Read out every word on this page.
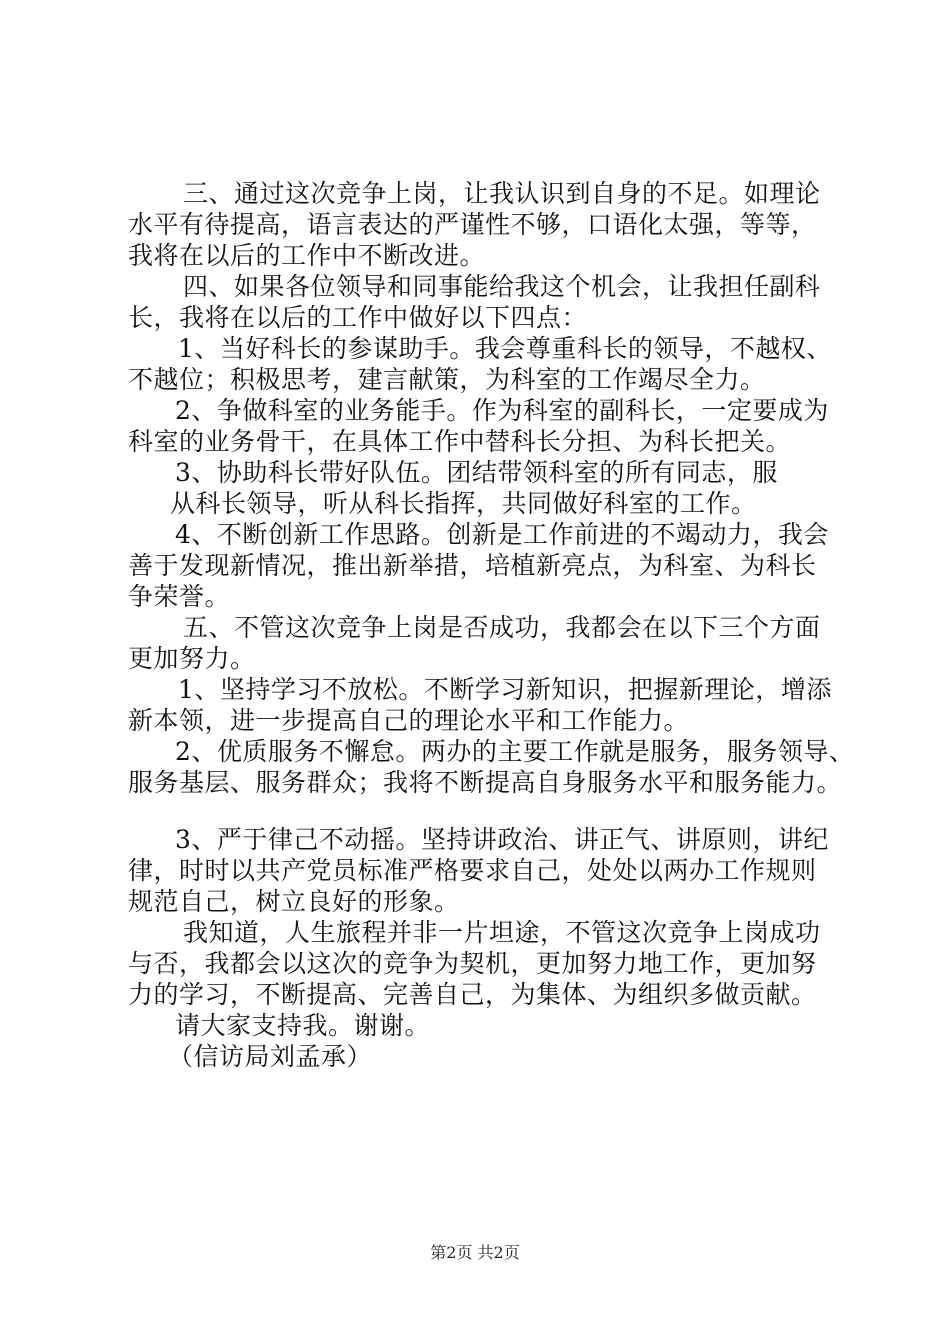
三、通过这次竞争上岗，让我认识到自身的不足。如理论
水平有待提高，语言表达的严谨性不够，口语化太强，等等，
我将在以后的工作中不断改进。
四、如果各位领导和同事能给我这个机会，让我担任副科
长，我将在以后的工作中做好以下四点：
1、当好科长的参谋助手。我会尊重科长的领导，不越权、
不越位；积极思考，建言献策，为科室的工作竭尽全力。
2、争做科室的业务能手。作为科室的副科长，一定要成为
科室的业务骨干，在具体工作中替科长分担、为科长把关。
3、协助科长带好队伍。团结带领科室的所有同志，服
从科长领导，听从科长指挥，共同做好科室的工作。
4、不断创新工作思路。创新是工作前进的不竭动力，我会
善于发现新情况，推出新举措，培植新亮点，为科室、为科长
争荣誉。
五、不管这次竞争上岗是否成功，我都会在以下三个方面
更加努力。
1、坚持学习不放松。不断学习新知识，把握新理论，增添
新本领，进一步提高自己的理论水平和工作能力。
2、优质服务不懈怠。两办的主要工作就是服务，服务领导、
服务基层、服务群众；我将不断提高自身服务水平和服务能力。
3、严于律己不动摇。坚持讲政治、讲正气、讲原则，讲纪
律，时时以共产党员标准严格要求自己，处处以两办工作规则
规范自己，树立良好的形象。
我知道，人生旅程并非一片坦途，不管这次竞争上岗成功
与否，我都会以这次的竞争为契机，更加努力地工作，更加努
力的学习，不断提高、完善自己，为集体、为组织多做贡献。
请大家支持我。谢谢。
（信访局刘孟承）
第2页 共2页
